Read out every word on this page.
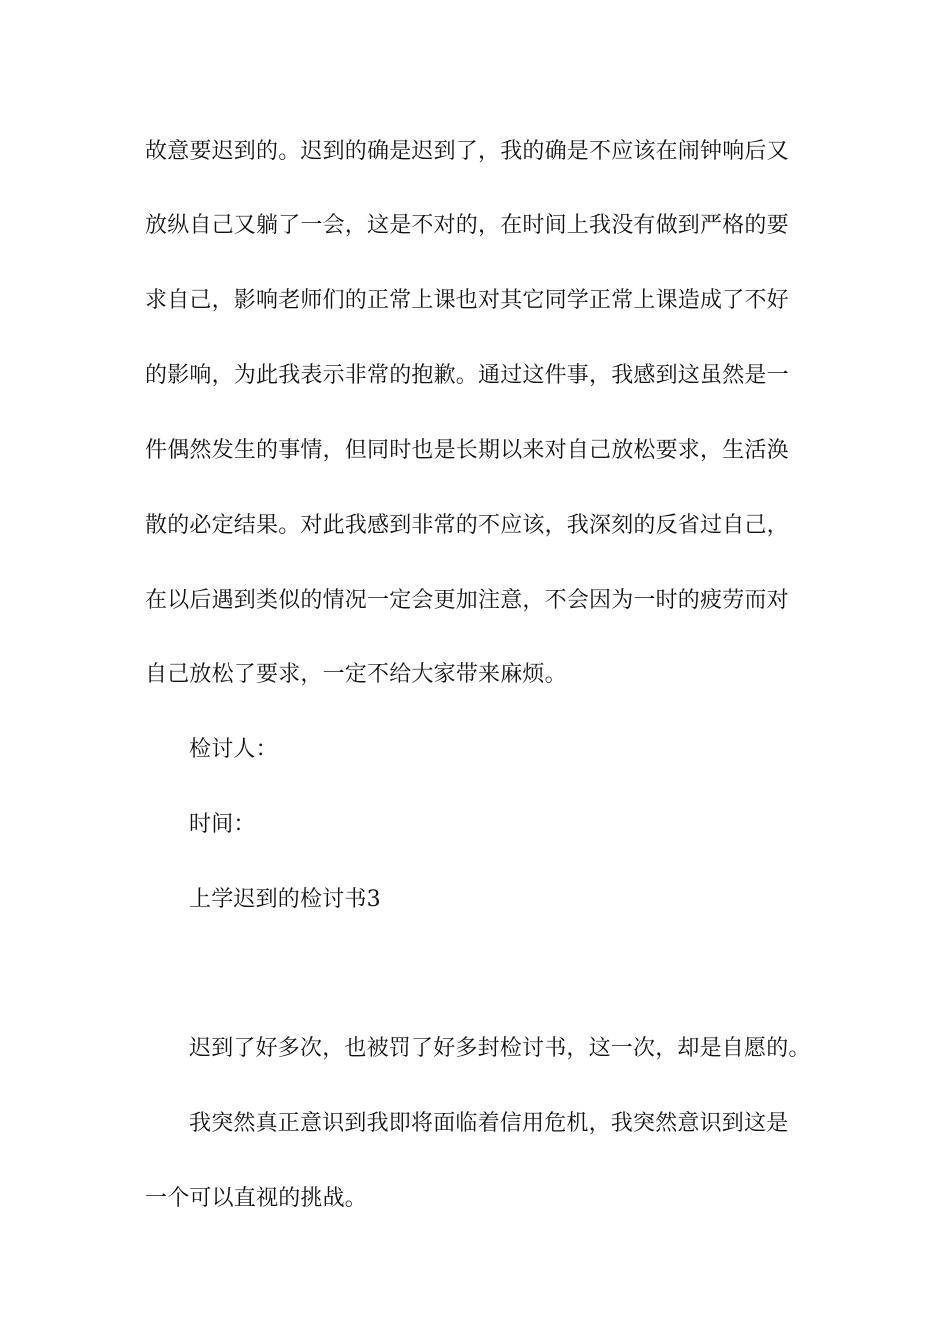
故意要迟到的。迟到的确是迟到了，我的确是不应该在闹钟响后又
放纵自己又躺了一会，这是不对的，在时间上我没有做到严格的要
求自己，影响老师们的正常上课也对其它同学正常上课造成了不好
的影响，为此我表示非常的抱歉。通过这件事，我感到这虽然是一
件偶然发生的事情，但同时也是长期以来对自己放松要求，生活涣
散的必定结果。对此我感到非常的不应该，我深刻的反省过自己，
在以后遇到类似的情况一定会更加注意，不会因为一时的疲劳而对
自己放松了要求，一定不给大家带来麻烦。
检讨人：
时间：
上学迟到的检讨书3
迟到了好多次，也被罚了好多封检讨书，这一次，却是自愿的。
我突然真正意识到我即将面临着信用危机，我突然意识到这是
一个可以直视的挑战。
